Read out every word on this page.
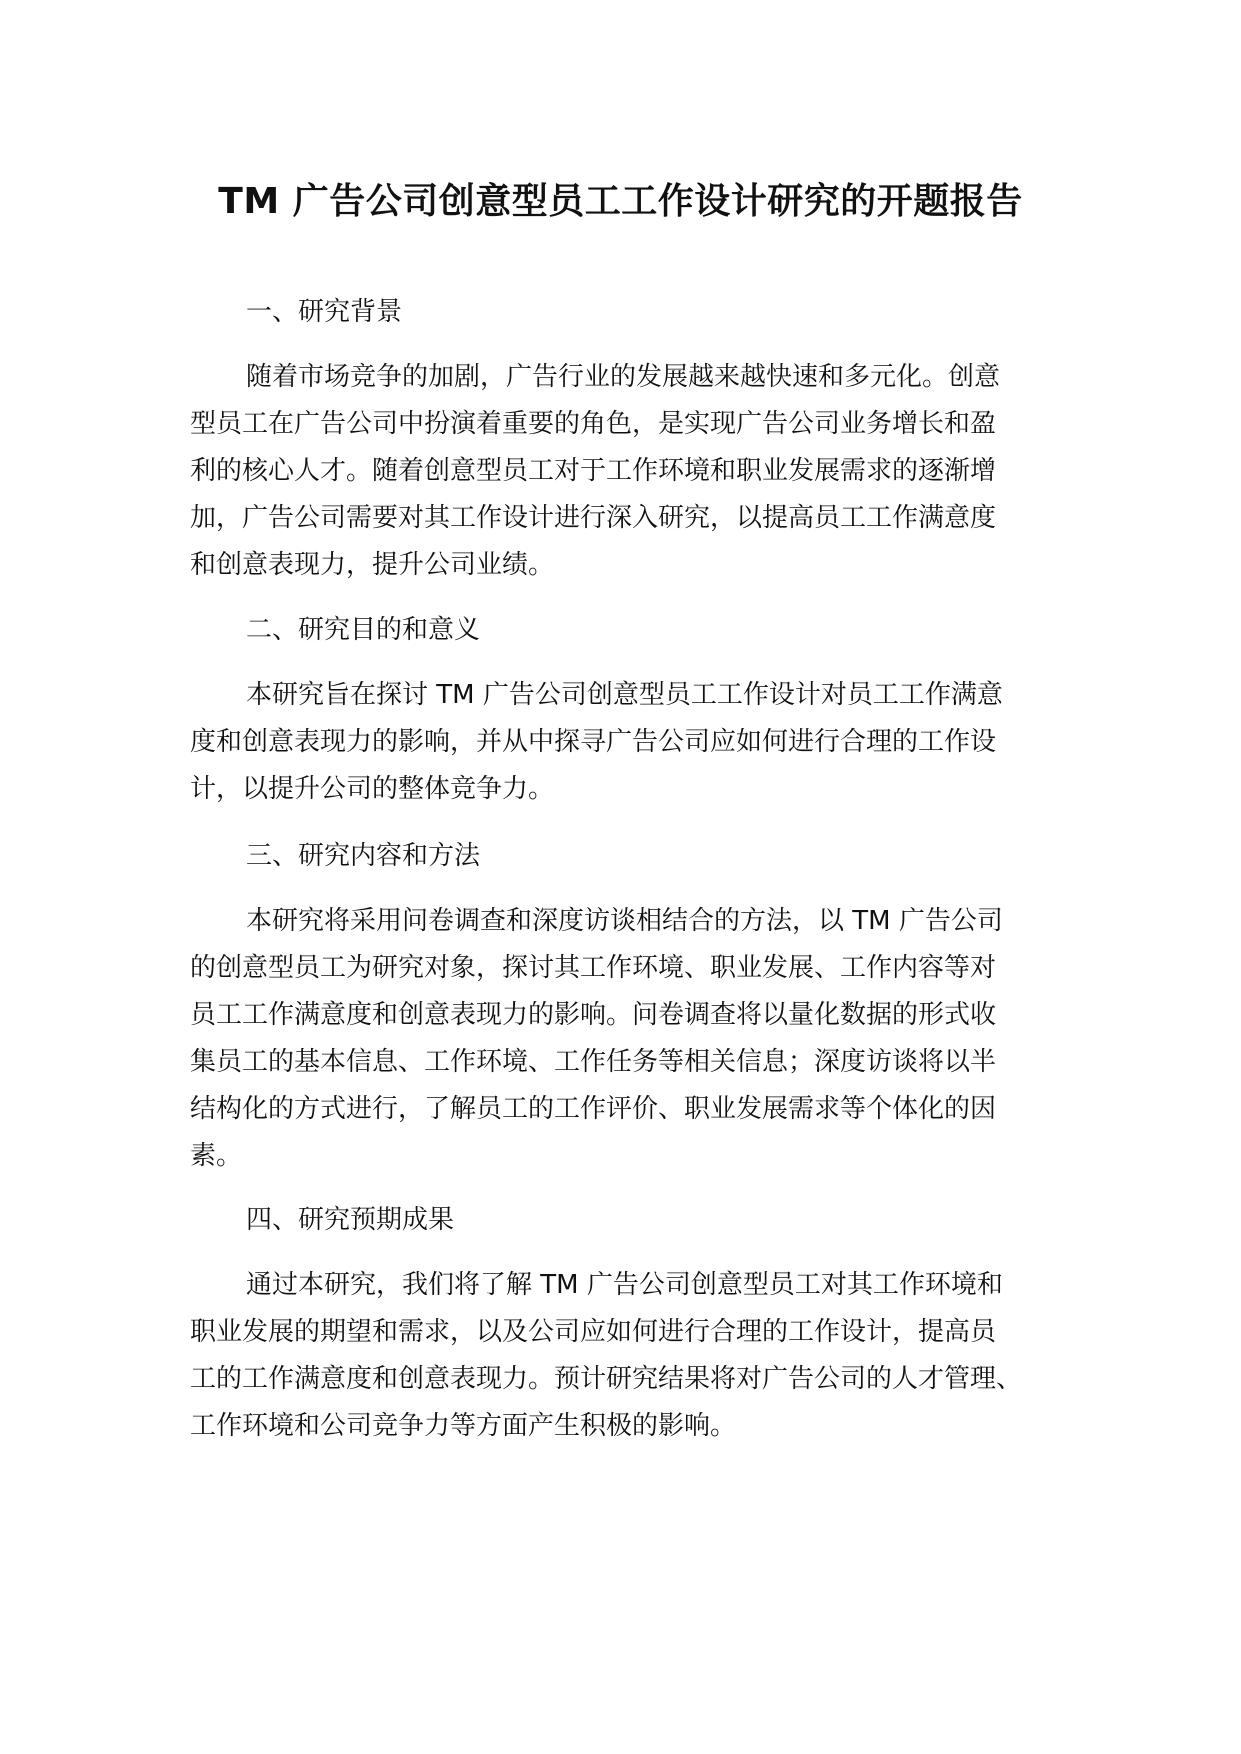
TM 广告公司创意型员工工作设计研究的开题报告
一、研究背景
随着市场竞争的加剧，广告行业的发展越来越快速和多元化。创意
型员工在广告公司中扮演着重要的角色，是实现广告公司业务增长和盈
利的核心人才。随着创意型员工对于工作环境和职业发展需求的逐渐增
加，广告公司需要对其工作设计进行深入研究，以提高员工工作满意度
和创意表现力，提升公司业绩。
二、研究目的和意义
本研究旨在探讨 TM 广告公司创意型员工工作设计对员工工作满意
度和创意表现力的影响，并从中探寻广告公司应如何进行合理的工作设
计，以提升公司的整体竞争力。
三、研究内容和方法
本研究将采用问卷调查和深度访谈相结合的方法，以 TM 广告公司
的创意型员工为研究对象，探讨其工作环境、职业发展、工作内容等对
员工工作满意度和创意表现力的影响。问卷调查将以量化数据的形式收
集员工的基本信息、工作环境、工作任务等相关信息；深度访谈将以半
结构化的方式进行，了解员工的工作评价、职业发展需求等个体化的因
素。
四、研究预期成果
通过本研究，我们将了解 TM 广告公司创意型员工对其工作环境和
职业发展的期望和需求，以及公司应如何进行合理的工作设计，提高员
工的工作满意度和创意表现力。预计研究结果将对广告公司的人才管理、
工作环境和公司竞争力等方面产生积极的影响。
